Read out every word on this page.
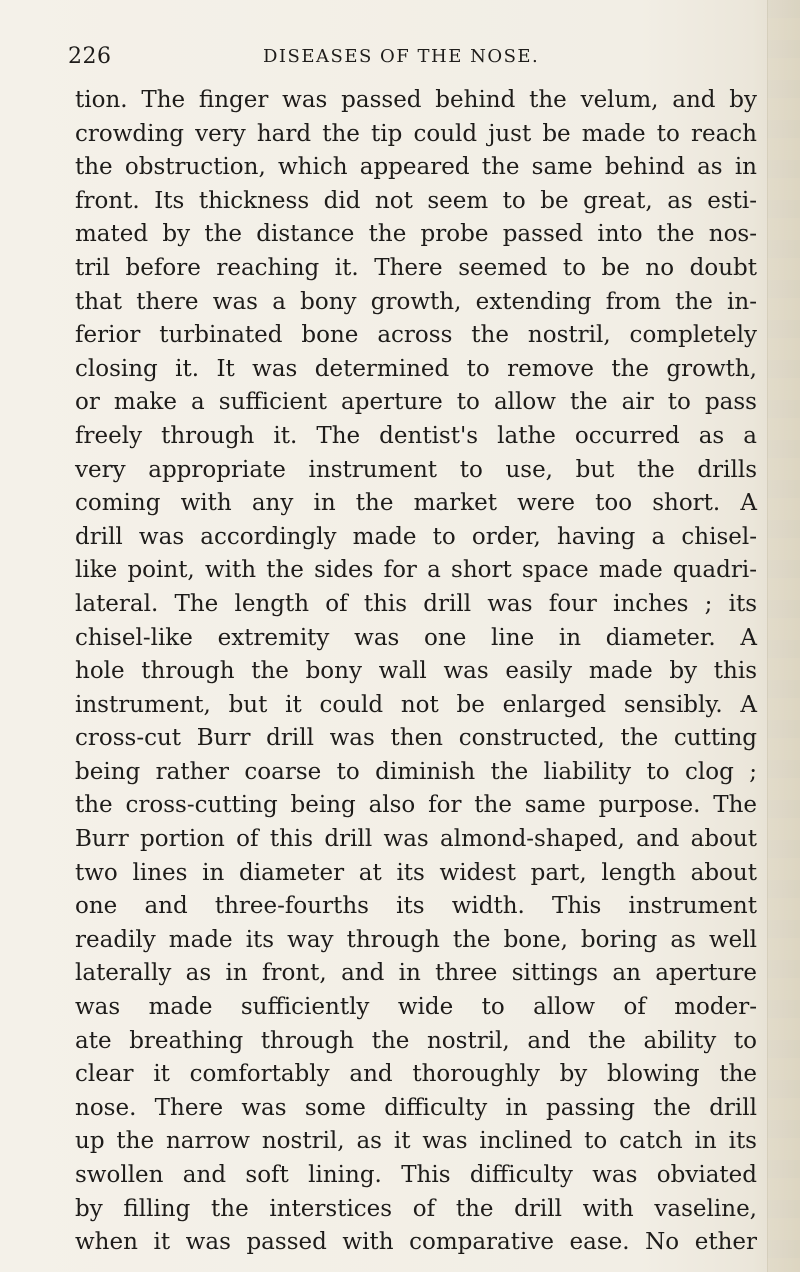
226	DISEASES OF THE NOSE.
tion. The finger was passed behind the velum, and by
crowding very hard the tip could just be made to reach
the obstruction, which appeared the same behind as in
front. Its thickness did not seem to be great, as esti-
mated by the distance the probe passed into the nos-
tril before reaching it. There seemed to be no doubt
that there was a bony growth, extending from the in-
ferior turbinated bone across the nostril, completely
closing it. It was determined to remove the growth,
or make a sufficient aperture to allow the air to pass
freely through it. The dentist's lathe occurred as a
very appropriate instrument to use, but the drills
coming with any in the market were too short. A
drill was accordingly made to order, having a chisel-
like point, with the sides for a short space made quadri-
lateral. The length of this drill was four inches ; its
chisel-like extremity was one line in diameter. A
hole through the bony wall was easily made by this
instrument, but it could not be enlarged sensibly. A
cross-cut Burr drill was then constructed, the cutting
being rather coarse to diminish the liability to clog ;
the cross-cutting being also for the same purpose. The
Burr portion of this drill was almond-shaped, and about
two lines in diameter at its widest part, length about
one and three-fourths its width. This instrument
readily made its way through the bone, boring as well
laterally as in front, and in three sittings an aperture
was made sufficiently wide to allow of moder-
ate breathing through the nostril, and the ability to
clear it comfortably and thoroughly by blowing the
nose. There was some difficulty in passing the drill
up the narrow nostril, as it was inclined to catch in its
swollen and soft lining. This difficulty was obviated
by filling the interstices of the drill with vaseline,
when it was passed with comparative ease. No ether
